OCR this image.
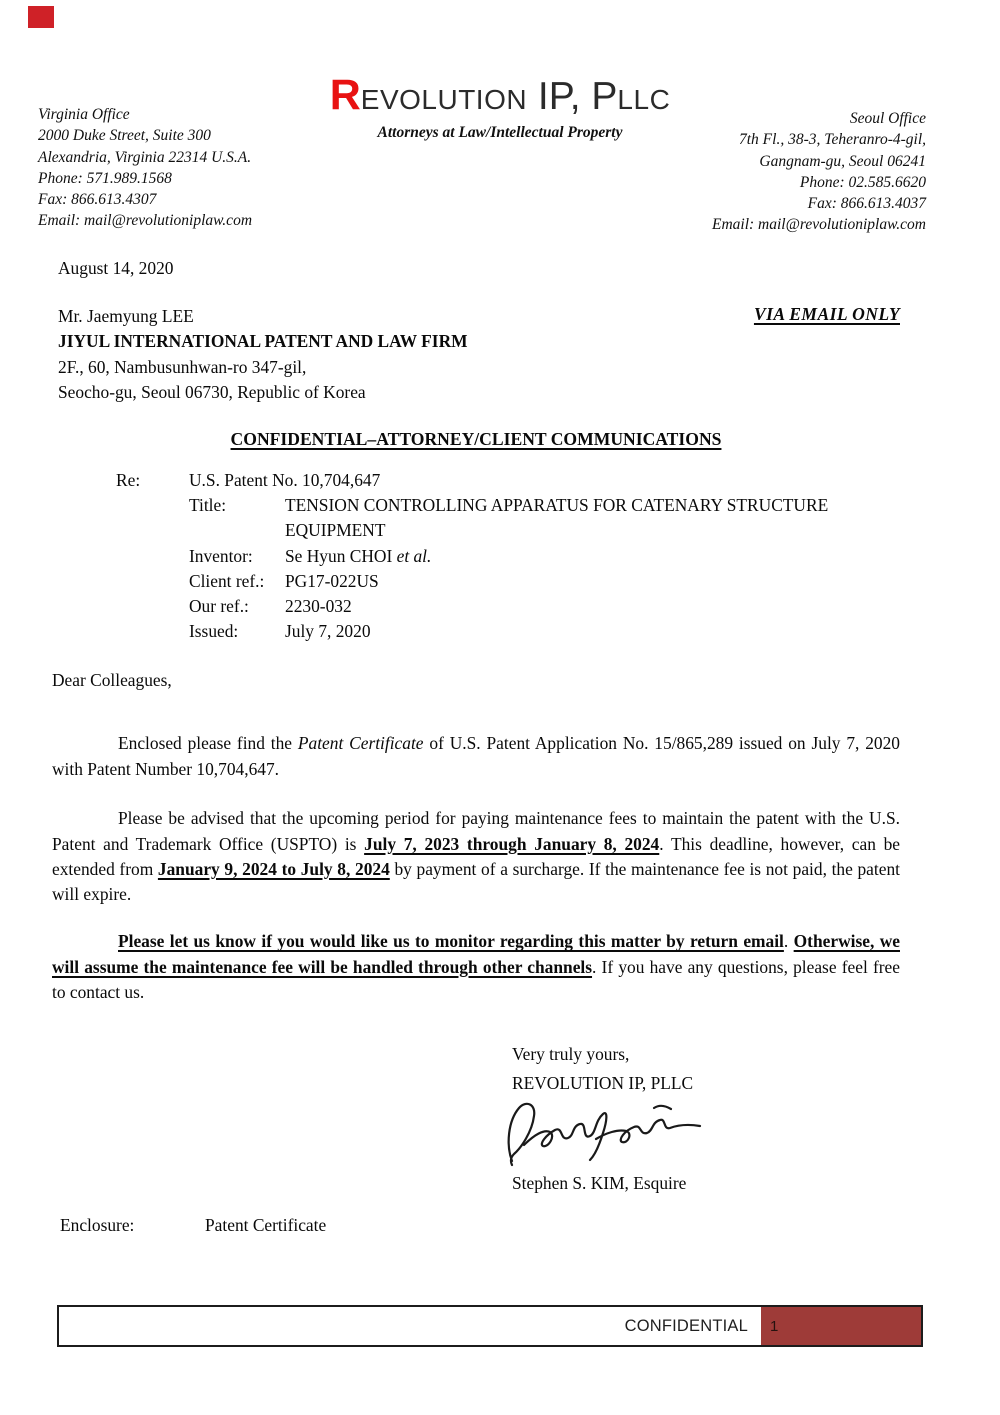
Virginia Office
2000 Duke Street, Suite 300
Alexandria, Virginia 22314 U.S.A.
Phone: 571.989.1568
Fax: 866.613.4307
Email: mail@revolutioniplaw.com
REVOLUTION IP, PLLC
Attorneys at Law/Intellectual Property
Seoul Office
7th Fl., 38-3, Teheranro-4-gil,
Gangnam-gu, Seoul 06241
Phone: 02.585.6620
Fax: 866.613.4037
Email: mail@revolutioniplaw.com
August 14, 2020
VIA EMAIL ONLY
Mr. Jaemyung LEE
JIYUL INTERNATIONAL PATENT AND LAW FIRM
2F., 60, Nambusunhwan-ro 347-gil,
Seocho-gu, Seoul 06730, Republic of Korea
CONFIDENTIAL–ATTORNEY/CLIENT COMMUNICATIONS
Re:	U.S. Patent No. 10,704,647
Title:	TENSION CONTROLLING APPARATUS FOR CATENARY STRUCTURE EQUIPMENT
Inventor:	Se Hyun CHOI et al.
Client ref.:	PG17-022US
Our ref.:	2230-032
Issued:	July 7, 2020
Dear Colleagues,

Enclosed please find the Patent Certificate of U.S. Patent Application No. 15/865,289 issued on July 7, 2020 with Patent Number 10,704,647.

Please be advised that the upcoming period for paying maintenance fees to maintain the patent with the U.S. Patent and Trademark Office (USPTO) is July 7, 2023 through January 8, 2024. This deadline, however, can be extended from January 9, 2024 to July 8, 2024 by payment of a surcharge. If the maintenance fee is not paid, the patent will expire.

Please let us know if you would like us to monitor regarding this matter by return email. Otherwise, we will assume the maintenance fee will be handled through other channels. If you have any questions, please feel free to contact us.

Very truly yours,
REVOLUTION IP, PLLC
Stephen S. KIM, Esquire
Enclosure:	Patent Certificate
CONFIDENTIAL	1
